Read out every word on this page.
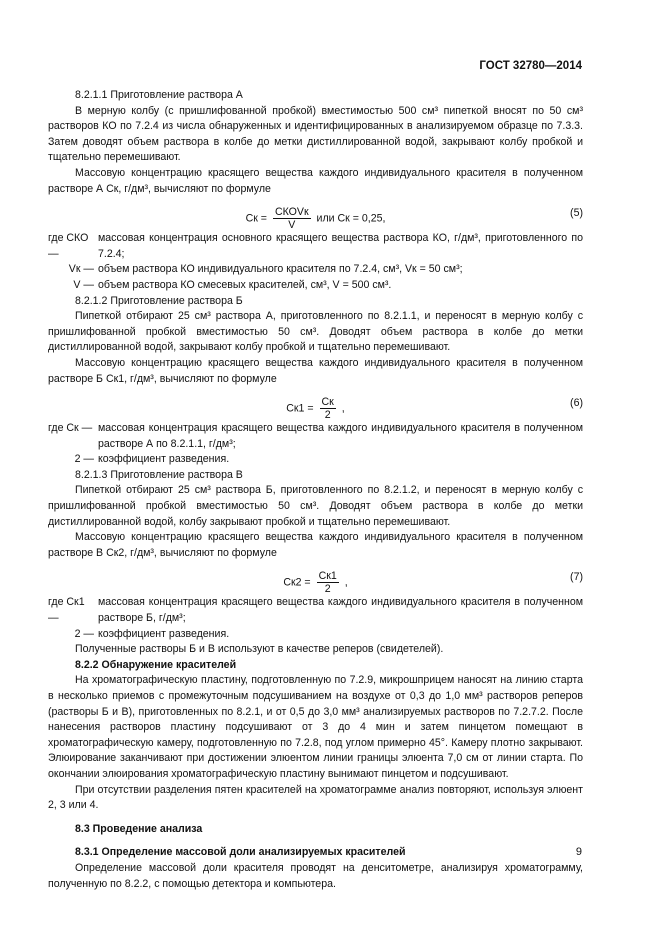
ГОСТ 32780—2014

8.2.1.1 Приготовление раствора А

В мерную колбу (с пришлифованной пробкой) вместимостью 500 см³ пипеткой вносят по 50 см³ растворов КО по 7.2.4 из числа обнаруженных и идентифицированных в анализируемом образце по 7.3.3. Затем доводят объем раствора в колбе до метки дистиллированной водой, закрывают колбу пробкой и тщательно перемешивают.

Массовую концентрацию красящего вещества каждого индивидуального красителя в полученном растворе А Cк, г/дм³, вычисляют по формуле

Cк = $\frac{\text{CКОVк}}{V}$ или Cк = 0,25,	(5)
где CКО —
массовая концентрация основного красящего вещества раствора КО, г/дм³, приготовленного по 7.2.4;
Vк — объем раствора КО индивидуального красителя по 7.2.4, см³, Vк = 50 см³;
V — объем раствора КО смесевых красителей, см³, V = 500 см³.

8.2.1.2 Приготовление раствора Б

Пипеткой отбирают 25 см³ раствора А, приготовленного по 8.2.1.1, и переносят в мерную колбу с пришлифованной пробкой вместимостью 50 см³. Доводят объем раствора в колбе до метки дистиллированной водой, закрывают колбу пробкой и тщательно перемешивают.

Массовую концентрацию красящего вещества каждого индивидуального красителя в полученном растворе Б Cк1, г/дм³, вычисляют по формуле

$Cк1 = \frac{Cк}{2}$ ,	(6)
где Cк — массовая концентрация красящего вещества каждого индивидуального красителя в полученном растворе А по 8.2.1.1, г/дм³;
2 — коэффициент разведения.

8.2.1.3 Приготовление раствора В

Пипеткой отбирают 25 см³ раствора Б, приготовленного по 8.2.1.2, и переносят в мерную колбу с пришлифованной пробкой вместимостью 50 см³. Доводят объем раствора в колбе до метки дистиллированной водой, колбу закрывают пробкой и тщательно перемешивают.

Массовую концентрацию красящего вещества каждого индивидуального красителя в полученном растворе В Cк2, г/дм³, вычисляют по формуле

$Cк2 = \frac{Cк1}{2}$ ,	(7)
где Cк1 —
массовая концентрация красящего вещества каждого индивидуального красителя в полученном растворе Б, г/дм³;
2 — коэффициент разведения.

Полученные растворы Б и В используют в качестве реперов (свидетелей).

8.2.2 Обнаружение красителей

На хроматографическую пластину, подготовленную по 7.2.9, микрошприцем наносят на линию старта в несколько приемов с промежуточным подсушиванием на воздухе от 0,3 до 1,0 мм³ растворов реперов (растворы Б и В), приготовленных по 8.2.1, и от 0,5 до 3,0 мм³ анализируемых растворов по 7.2.7.2. После нанесения растворов пластину подсушивают от 3 до 4 мин и затем пинцетом помещают в хроматографическую камеру, подготовленную по 7.2.8, под углом примерно 45°. Камеру плотно закрывают. Элюирование заканчивают при достижении элюентом линии границы элюента 7,0 см от линии старта. По окончании элюирования хроматографическую пластину вынимают пинцетом и подсушивают.

При отсутствии разделения пятен красителей на хроматограмме анализ повторяют, используя элюент 2, 3 или 4.

8.3 Проведение анализа

8.3.1 Определение массовой доли анализируемых красителей

Определение массовой доли красителя проводят на денситометре, анализируя хроматограмму, полученную по 8.2.2, с помощью детектора и компьютера.

9
